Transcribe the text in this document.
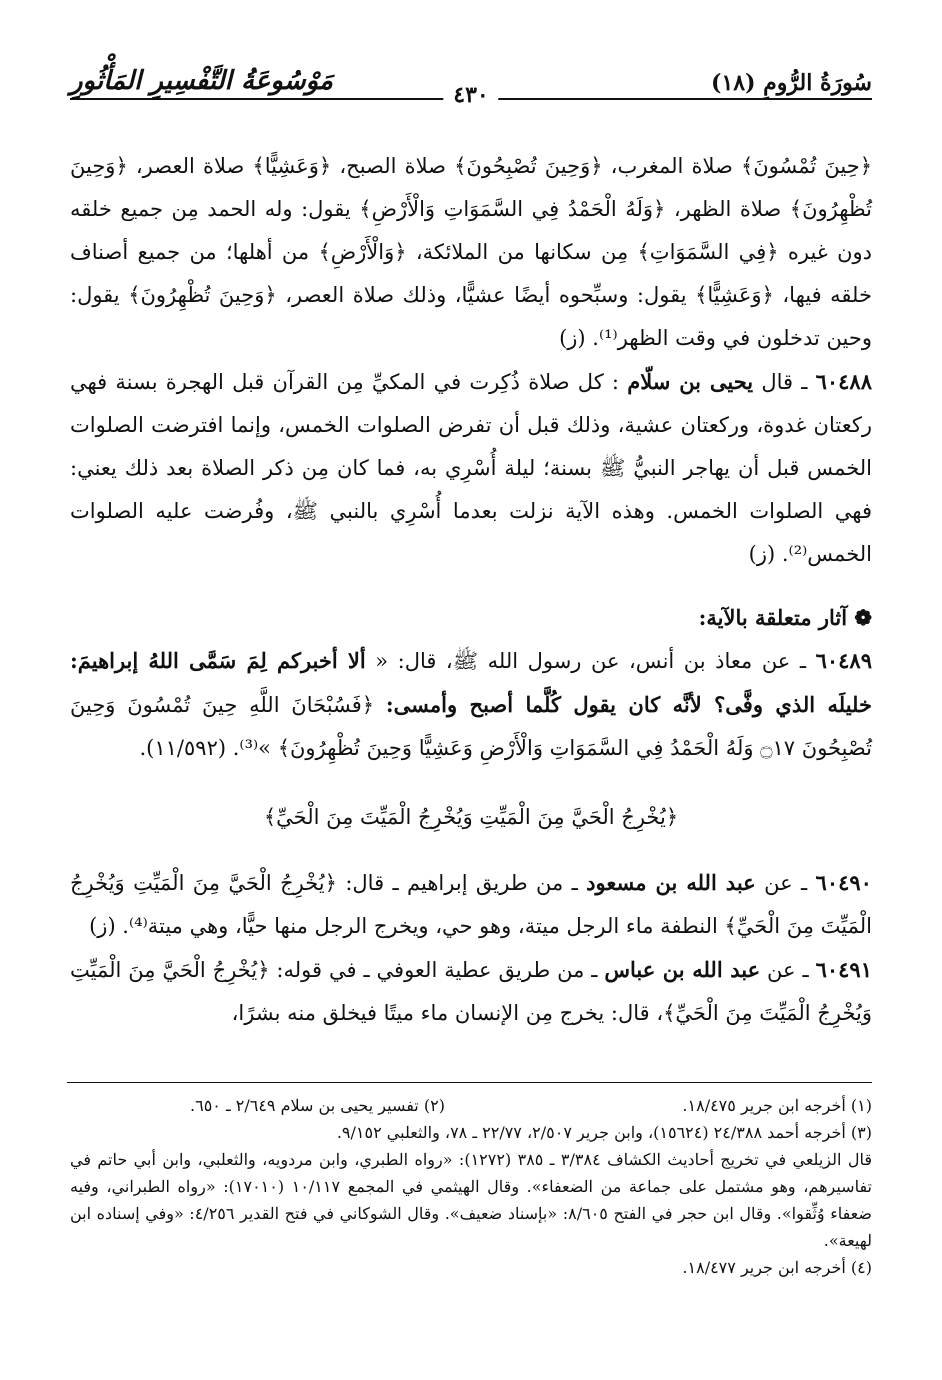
سُورَةُ الرُّومِ (١٨)
٤٣٠
مَوْسُوعَةُ التَّفْسِيرِ المَأْثُورِ

﴿حِينَ تُمْسُونَ﴾ صلاة المغرب، ﴿وَحِينَ تُصْبِحُونَ﴾ صلاة الصبح، ﴿وَعَشِيًّا﴾ صلاة العصر، ﴿وَحِينَ تُظْهِرُونَ﴾ صلاة الظهر، ﴿وَلَهُ الْحَمْدُ فِي السَّمَوَاتِ وَالْأَرْضِ﴾ يقول: وله الحمد مِن جميع خلقه دون غيره ﴿فِي السَّمَوَاتِ﴾ مِن سكانها من الملائكة، ﴿وَالْأَرْضِ﴾ من أهلها؛ من جميع أصناف خلقه فيها، ﴿وَعَشِيًّا﴾ يقول: وسبِّحوه أيضًا عشيًّا، وذلك صلاة العصر، ﴿وَحِينَ تُظْهِرُونَ﴾ يقول: وحين تدخلون في وقت الظهر⁽¹⁾. (ز)

٦٠٤٨٨ ـ قال يحيى بن سلّام : كل صلاة ذُكِرت في المكيِّ مِن القرآن قبل الهجرة بسنة فهي ركعتان غدوة، وركعتان عشية، وذلك قبل أن تفرض الصلوات الخمس، وإنما افترضت الصلوات الخمس قبل أن يهاجر النبيُّ ﷺ بسنة؛ ليلة أُسْرِي به، فما كان مِن ذكر الصلاة بعد ذلك يعني: فهي الصلوات الخمس. وهذه الآية نزلت بعدما أُسْرِي بالنبي ﷺ، وفُرضت عليه الصلوات الخمس⁽²⁾. (ز)

❁ آثار متعلقة بالآية:

٦٠٤٨٩ ـ عن معاذ بن أنس، عن رسول الله ﷺ، قال: « ألا أخبركم لِمَ سَمَّى اللهُ إبراهيمَ: خليلَه الذي وفَّى؟ لأنَّه كان يقول كُلَّما أصبح وأمسى: ﴿فَسُبْحَانَ اللَّهِ حِينَ تُمْسُونَ وَحِينَ تُصْبِحُونَ ۝١٧ وَلَهُ الْحَمْدُ فِي السَّمَوَاتِ وَالْأَرْضِ وَعَشِيًّا وَحِينَ تُظْهِرُونَ﴾ »⁽³⁾. (١١/٥٩٢).

﴿يُخْرِجُ الْحَيَّ مِنَ الْمَيِّتِ وَيُخْرِجُ الْمَيِّتَ مِنَ الْحَيِّ﴾

٦٠٤٩٠ ـ عن عبد الله بن مسعود ـ من طريق إبراهيم ـ قال: ﴿يُخْرِجُ الْحَيَّ مِنَ الْمَيِّتِ وَيُخْرِجُ الْمَيِّتَ مِنَ الْحَيِّ﴾ النطفة ماء الرجل ميتة، وهو حي، ويخرج الرجل منها حيًّا، وهي ميتة⁽⁴⁾. (ز)

٦٠٤٩١ ـ عن عبد الله بن عباس ـ من طريق عطية العوفي ـ في قوله: ﴿يُخْرِجُ الْحَيَّ مِنَ الْمَيِّتِ وَيُخْرِجُ الْمَيِّتَ مِنَ الْحَيِّ﴾، قال: يخرج مِن الإنسان ماء ميتًا فيخلق منه بشرًا،

(١) أخرجه ابن جرير ١٨/٤٧٥.
(٢) تفسير يحيى بن سلام ٢/٦٤٩ ـ ٦٥٠.

(٣) أخرجه أحمد ٢٤/٣٨٨ (١٥٦٢٤)، وابن جرير ٢/٥٠٧، ٢٢/٧٧ ـ ٧٨، والثعلبي ٩/١٥٢.

قال الزيلعي في تخريج أحاديث الكشاف ٣/٣٨٤ ـ ٣٨٥ (١٢٧٢): «رواه الطبري، وابن مردويه، والثعلبي، وابن أبي حاتم في تفاسيرهم، وهو مشتمل على جماعة من الضعفاء». وقال الهيثمي في المجمع ١٠/١١٧ (١٧٠١٠): «رواه الطبراني، وفيه ضعفاء وُثِّقوا». وقال ابن حجر في الفتح ٨/٦٠٥: «بإسناد ضعيف». وقال الشوكاني في فتح القدير ٤/٢٥٦: «وفي إسناده ابن لهيعة».

(٤) أخرجه ابن جرير ١٨/٤٧٧.
